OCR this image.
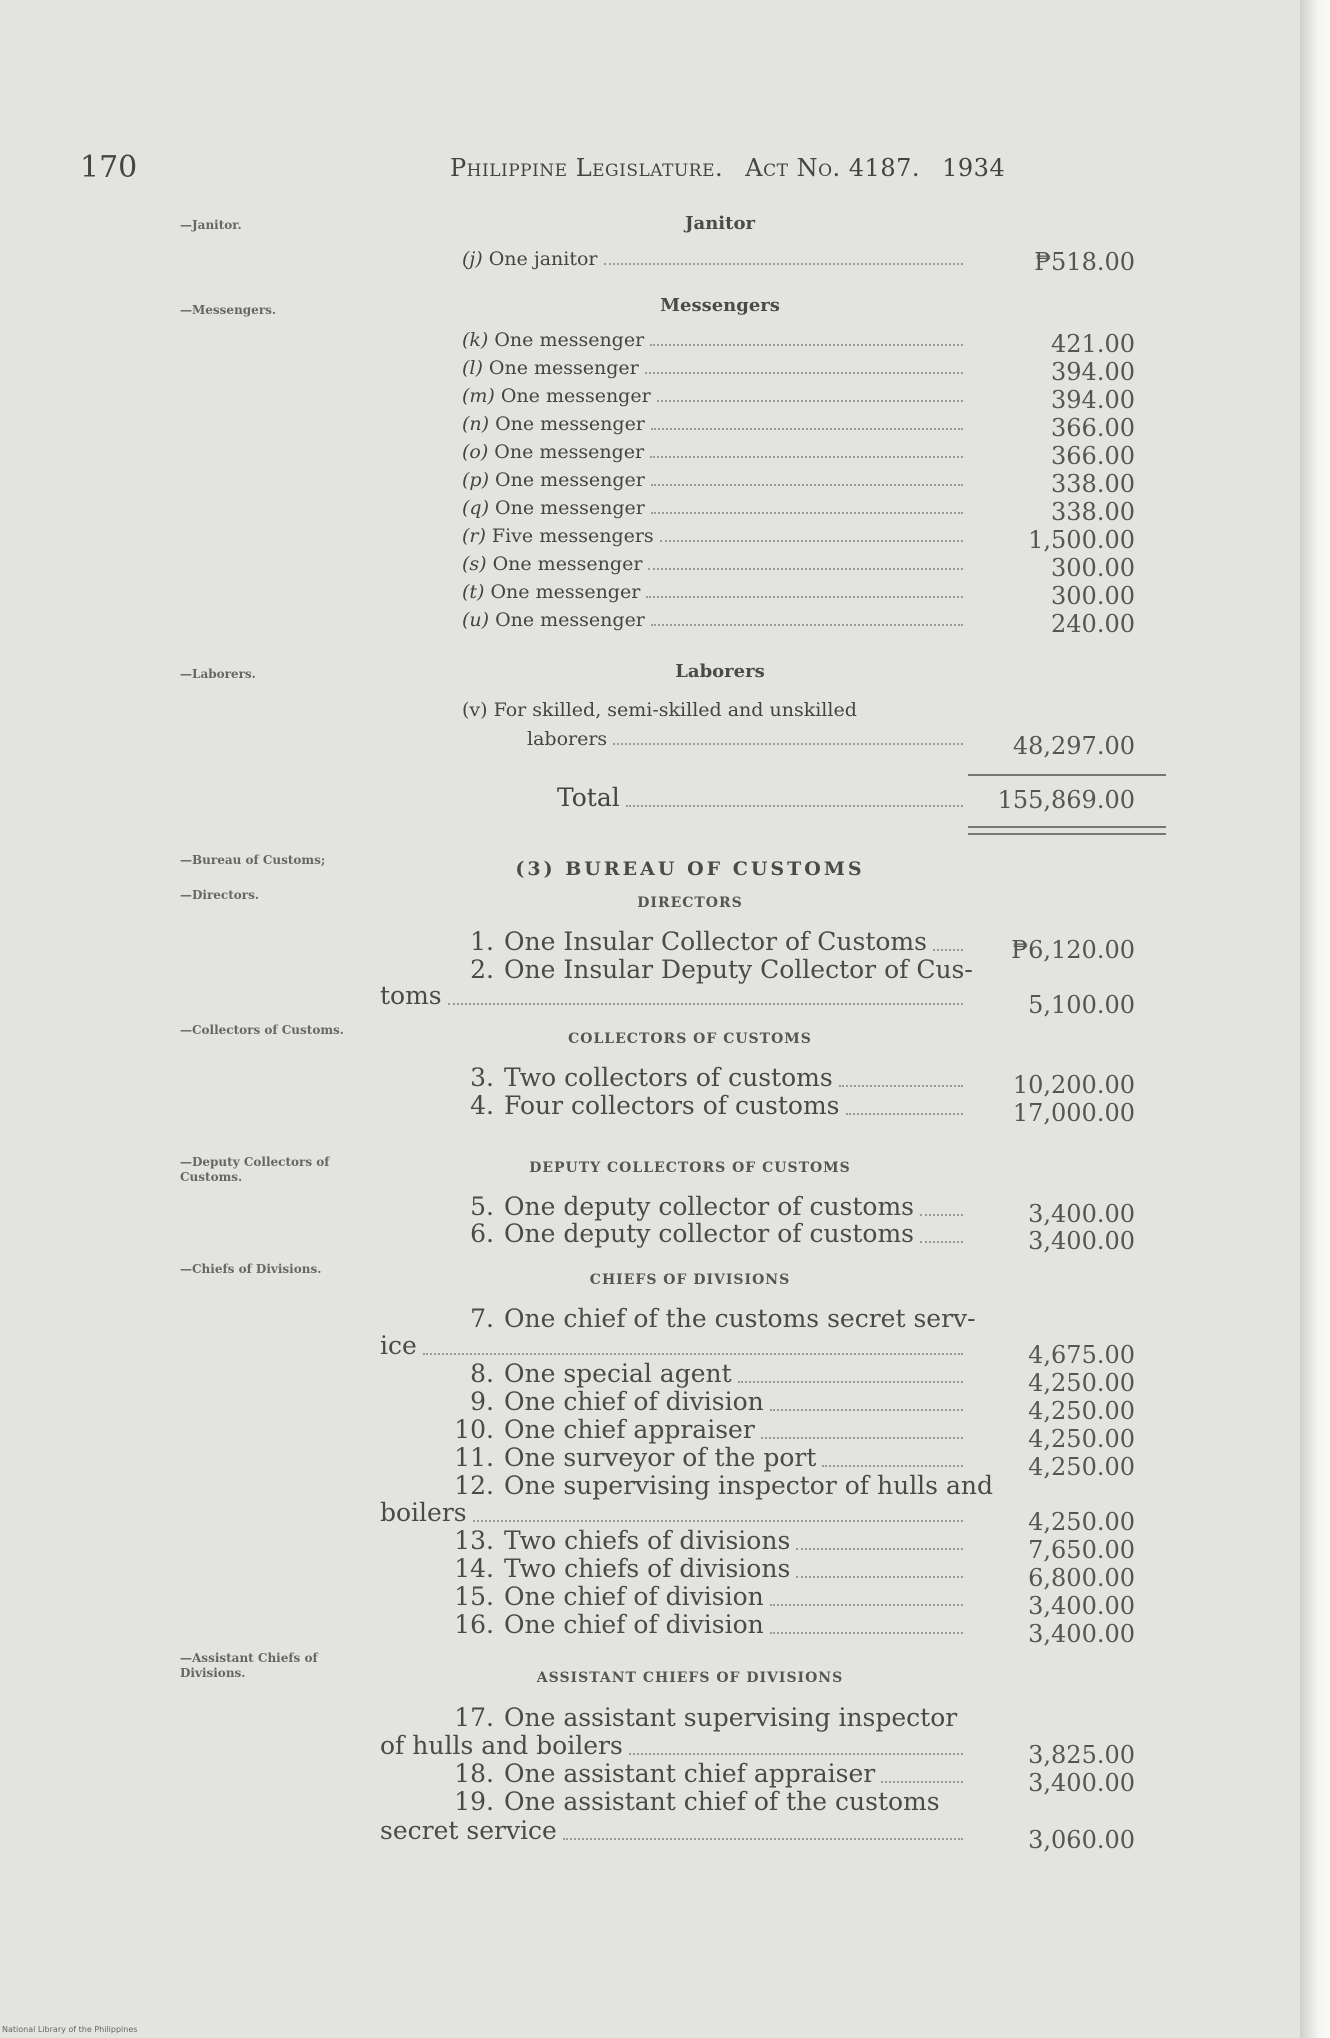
170	Philippine Legislature. Act No. 4187. 1934
—Janitor.	Janitor
(j) One janitor	₱518.00
—Messengers.	Messengers
(k) One messenger	421.00
(l) One messenger	394.00
(m) One messenger	394.00
(n) One messenger	366.00
(o) One messenger	366.00
(p) One messenger	338.00
(q) One messenger	338.00
(r) Five messengers	1,500.00
(s) One messenger	300.00
(t) One messenger	300.00
(u) One messenger	240.00
—Laborers.	Laborers
(v) For skilled, semi-skilled and unskilled
laborers	48,297.00
Total	155,869.00
—Bureau of Customs;
—Directors.
(3) BUREAU OF CUSTOMS
DIRECTORS
1. One Insular Collector of Customs	₱6,120.00
2. One Insular Deputy Collector of Cus-
toms	5,100.00
—Collectors of Customs.
COLLECTORS OF CUSTOMS
3. Two collectors of customs	10,200.00
4. Four collectors of customs	17,000.00
—Deputy Collectors of Customs.
DEPUTY COLLECTORS OF CUSTOMS
5. One deputy collector of customs	3,400.00
6. One deputy collector of customs	3,400.00
—Chiefs of Divisions.
CHIEFS OF DIVISIONS
7. One chief of the customs secret serv-
ice	4,675.00
8. One special agent	4,250.00
9. One chief of division	4,250.00
10. One chief appraiser	4,250.00
11. One surveyor of the port	4,250.00
12. One supervising inspector of hulls and
boilers	4,250.00
13. Two chiefs of divisions	7,650.00
14. Two chiefs of divisions	6,800.00
15. One chief of division	3,400.00
16. One chief of division	3,400.00
—Assistant Chiefs of Divisions.	ASSISTANT CHIEFS OF DIVISIONS
17. One assistant supervising inspector
of hulls and boilers	3,825.00
18. One assistant chief appraiser	3,400.00
19. One assistant chief of the customs
secret service	3,060.00
National Library of the Philippines
